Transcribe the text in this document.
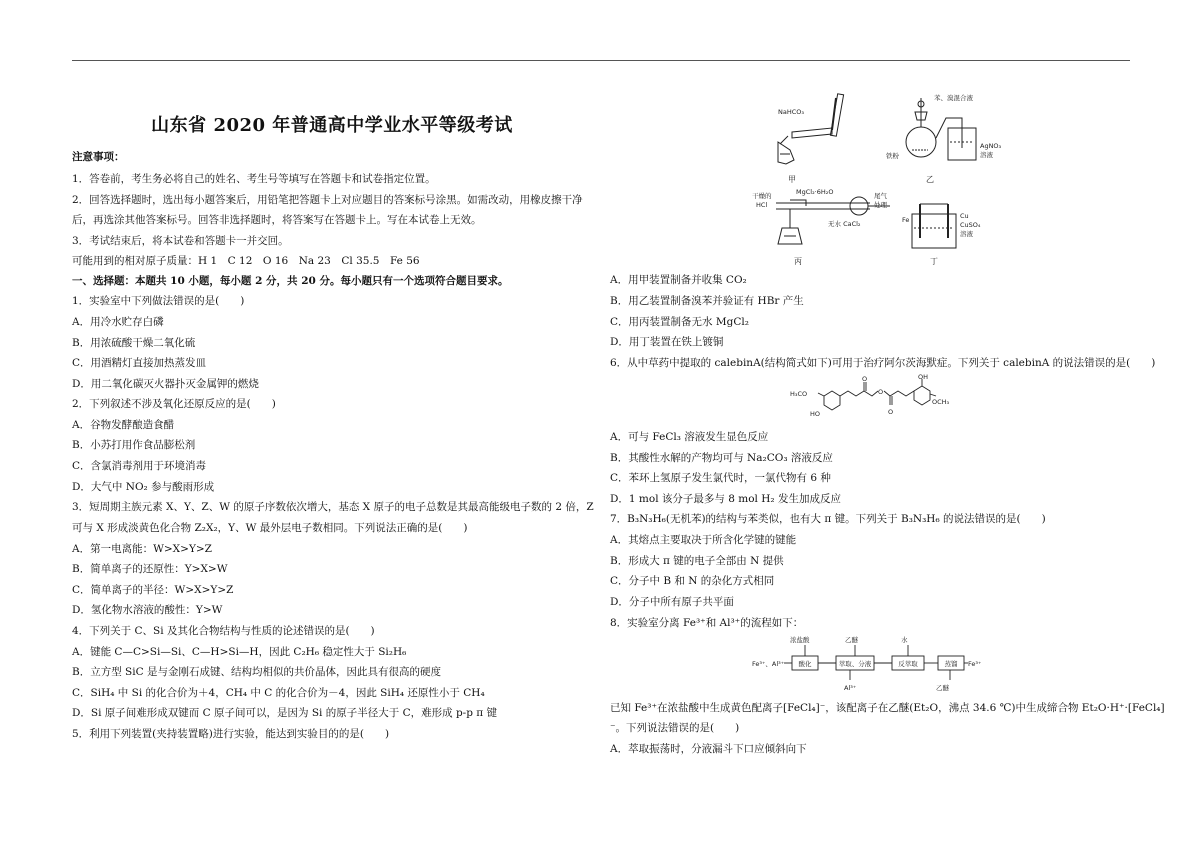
山东省 2020 年普通高中学业水平等级考试
注意事项：
1．答卷前，考生务必将自己的姓名、考生号等填写在答题卡和试卷指定位置。
2．回答选择题时，选出每小题答案后，用铅笔把答题卡上对应题目的答案标号涂黑。如需改动，用橡皮擦干净
后，再选涂其他答案标号。回答非选择题时，将答案写在答题卡上。写在本试卷上无效。
3．考试结束后，将本试卷和答题卡一并交回。
可能用到的相对原子质量：H 1　C 12　O 16　Na 23　Cl 35.5　Fe 56
一、选择题：本题共 10 小题，每小题 2 分，共 20 分。每小题只有一个选项符合题目要求。
1．实验室中下列做法错误的是(　　)
A．用冷水贮存白磷
B．用浓硫酸干燥二氧化硫
C．用酒精灯直接加热蒸发皿
D．用二氧化碳灭火器扑灭金属钾的燃烧
2．下列叙述不涉及氧化还原反应的是(　　)
A．谷物发酵酿造食醋
B．小苏打用作食品膨松剂
C．含氯消毒剂用于环境消毒
D．大气中 NO₂ 参与酸雨形成
3．短周期主族元素 X、Y、Z、W 的原子序数依次增大，基态 X 原子的电子总数是其最高能级电子数的 2 倍，Z
可与 X 形成淡黄色化合物 Z₂X₂，Y、W 最外层电子数相同。下列说法正确的是(　　)
A．第一电离能：W>X>Y>Z
B．简单离子的还原性：Y>X>W
C．简单离子的半径：W>X>Y>Z
D．氢化物水溶液的酸性：Y>W
4．下列关于 C、Si 及其化合物结构与性质的论述错误的是(　　)
A．键能 C—C>Si—Si、C—H>Si—H，因此 C₂H₆ 稳定性大于 Si₂H₆
B．立方型 SiC 是与金刚石成键、结构均相似的共价晶体，因此具有很高的硬度
C．SiH₄ 中 Si 的化合价为＋4，CH₄ 中 C 的化合价为－4，因此 SiH₄ 还原性小于 CH₄
D．Si 原子间难形成双键而 C 原子间可以，是因为 Si 的原子半径大于 C，难形成 p-p π 键
5．利用下列装置(夹持装置略)进行实验，能达到实验目的的是(　　)
NaHCO₃
甲
苯、溴混合液
铁粉
AgNO₃
溶液
乙
干燥的
HCl
MgCl₂·6H₂O
无水 CaCl₂
尾气
处理
丙
Fe	Cu
CuSO₄
溶液
丁
A．用甲装置制备并收集 CO₂
B．用乙装置制备溴苯并验证有 HBr 产生
C．用丙装置制备无水 MgCl₂
D．用丁装置在铁上镀铜
6．从中草药中提取的 calebinA(结构简式如下)可用于治疗阿尔茨海默症。下列关于 calebinA 的说法错误的是(　　)
H₃CO
HO
O
O
O
OH
OCH₃
A．可与 FeCl₃ 溶液发生显色反应
B．其酸性水解的产物均可与 Na₂CO₃ 溶液反应
C．苯环上氢原子发生氯代时，一氯代物有 6 种
D．1 mol 该分子最多与 8 mol H₂ 发生加成反应
7．B₃N₃H₆(无机苯)的结构与苯类似，也有大 π 键。下列关于 B₃N₃H₆ 的说法错误的是(　　)
A．其熔点主要取决于所含化学键的键能
B．形成大 π 键的电子全部由 N 提供
C．分子中 B 和 N 的杂化方式相同
D．分子中所有原子共平面
8．实验室分离 Fe³⁺和 Al³⁺的流程如下：
Fe³⁺、Al³⁺
浓盐酸	乙醚	水
Al³⁺	乙醚
Fe³⁺
酸化	萃取、分液	反萃取	蒸馏
已知 Fe³⁺在浓盐酸中生成黄色配离子[FeCl₄]⁻，该配离子在乙醚(Et₂O，沸点 34.6 ℃)中生成缔合物 Et₂O·H⁺·[FeCl₄]
⁻。下列说法错误的是(　　)
A．萃取振荡时，分液漏斗下口应倾斜向下
